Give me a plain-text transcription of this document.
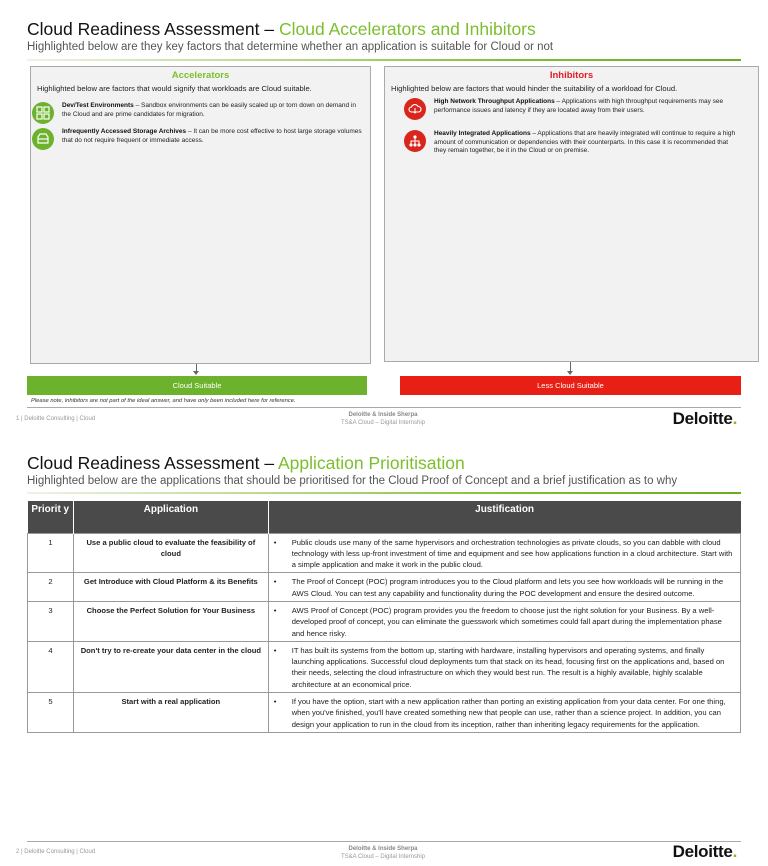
Cloud Readiness Assessment – Cloud Accelerators and Inhibitors
Highlighted below are they key factors that determine whether an application is suitable for Cloud or not
Accelerators
Highlighted below are factors that would signify that workloads are Cloud suitable.
Dev/Test Environments – Sandbox environments can be easily scaled up or torn down on demand in the Cloud and are prime candidates for migration.
Infrequently Accessed Storage Archives – It can be more cost effective to host large storage volumes that do not require frequent or immediate access.
Inhibitors
Highlighted below are factors that would hinder the suitability of a workload for Cloud.
High Network Throughput Applications – Applications with high throughput requirements may see performance issues and latency if they are located away from their users.
Heavily Integrated Applications – Applications that are heavily integrated will continue to require a high amount of communication or dependencies with their counterparts. In this case it is recommended that they remain together, be it in the Cloud or on premise.
Cloud Suitable	Less Cloud Suitable
Please note, inhibitors are not part of the ideal answer, and have only been included here for reference.
1 | Deloitte Consulting | Cloud
Deloitte & Inside Sherpa
TS&A Cloud – Digital Internship	Deloitte.
Cloud Readiness Assessment – Application Prioritisation
Highlighted below are the applications that should be prioritised for the Cloud Proof of Concept and a brief justification as to why
Priorit y	Application	Justification
1	Use a public cloud to evaluate the feasibility of cloud	• Public clouds use many of the same hypervisors and orchestration technologies as private clouds, so you can dabble with cloud technology with less up-front investment of time and equipment and see how applications function in a cloud architecture. Start with a simple application and make it work in the public cloud.

2	Get Introduce with Cloud Platform & its Benefits	• The Proof of Concept (POC) program introduces you to the Cloud platform and lets you see how workloads will be running in the AWS Cloud. You can test any capability and functionality during the POC development and ensure the desired outcome.

3	Choose the Perfect Solution for Your Business	• AWS Proof of Concept (POC) program provides you the freedom to choose just the right solution for your Business. By a well-developed proof of concept, you can eliminate the guesswork which sometimes could fall apart during the implementation phase and hence risky.

4	Don't try to re-create your data center in the cloud	• IT has built its systems from the bottom up, starting with hardware, installing hypervisors and operating systems, and finally launching applications. Successful cloud deployments turn that stack on its head, focusing first on the applications and, based on their needs, selecting the cloud infrastructure on which they would best run. The result is a highly available, highly scalable architecture at an economical price.

5	Start with a real application	• If you have the option, start with a new application rather than porting an existing application from your data center. For one thing, when you've finished, you'll have created something new that people can use, rather than a science project. In addition, you can design your application to run in the cloud from its inception, rather than inheriting legacy requirements for the application.
2 | Deloitte Consulting | Cloud	Deloitte & Inside Sherpa
TS&A Cloud – Digital Internship	Deloitte.
